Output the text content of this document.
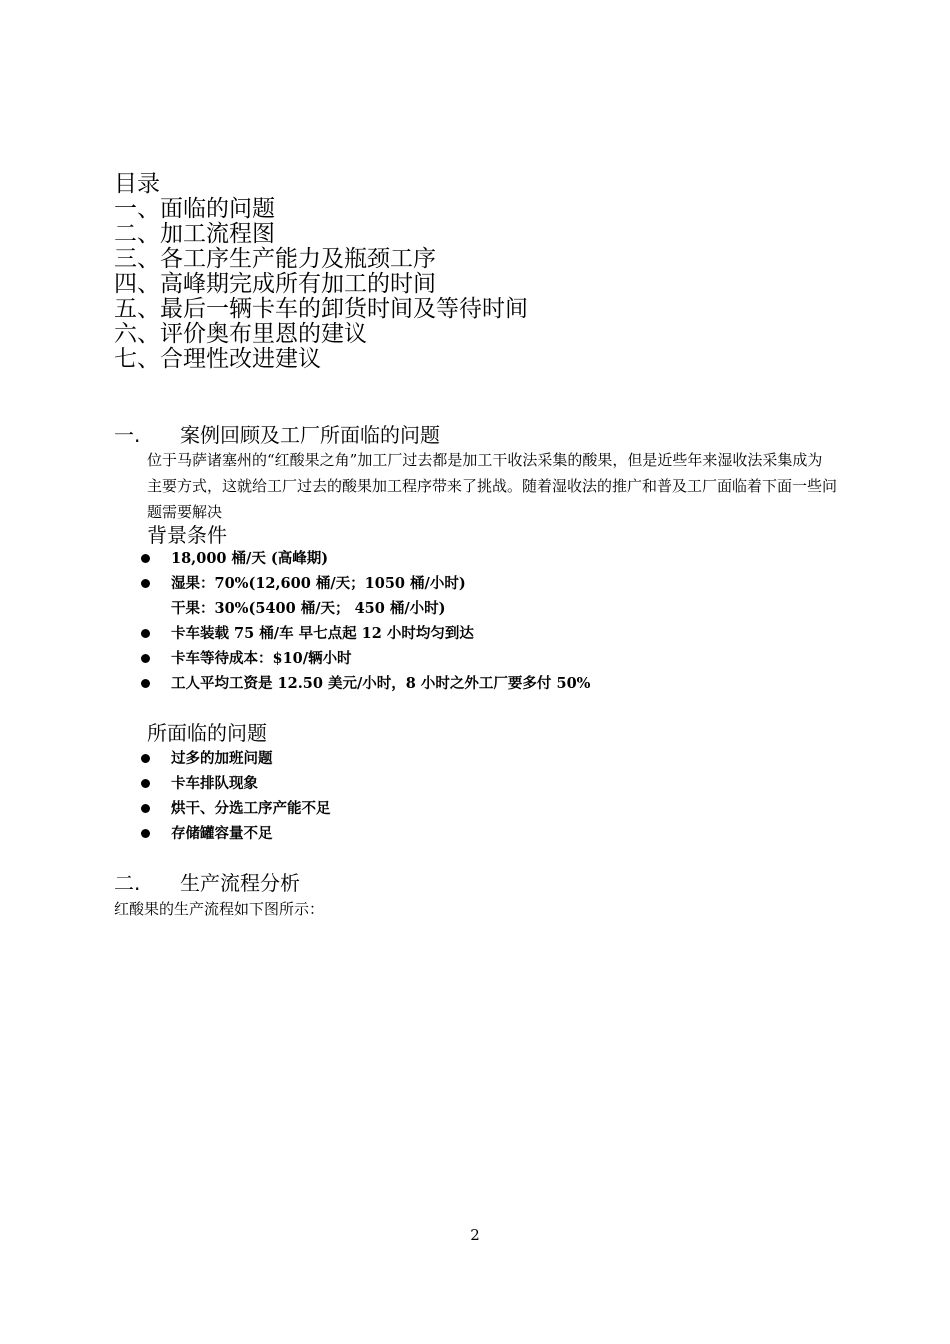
目录
一、面临的问题
二、加工流程图
三、各工序生产能力及瓶颈工序
四、高峰期完成所有加工的时间
五、最后一辆卡车的卸货时间及等待时间
六、评价奥布里恩的建议
七、合理性改进建议
一. 案例回顾及工厂所面临的问题
位于马萨诸塞州的“红酸果之角”加工厂过去都是加工干收法采集的酸果，但是近些年来湿收法采集成为主要方式，这就给工厂过去的酸果加工程序带来了挑战。随着湿收法的推广和普及工厂面临着下面一些问题需要解决
背景条件
18,000 桶/天 (高峰期)
湿果：70%(12,600 桶/天；1050 桶/小时)
干果：30%(5400 桶/天； 450 桶/小时)
卡车装载 75 桶/车 早七点起 12 小时均匀到达
卡车等待成本：$10/辆小时
工人平均工资是 12.50 美元/小时，8 小时之外工厂要多付 50%
所面临的问题
过多的加班问题
卡车排队现象
烘干、分选工序产能不足
存储罐容量不足
二. 生产流程分析
红酸果的生产流程如下图所示：
2
